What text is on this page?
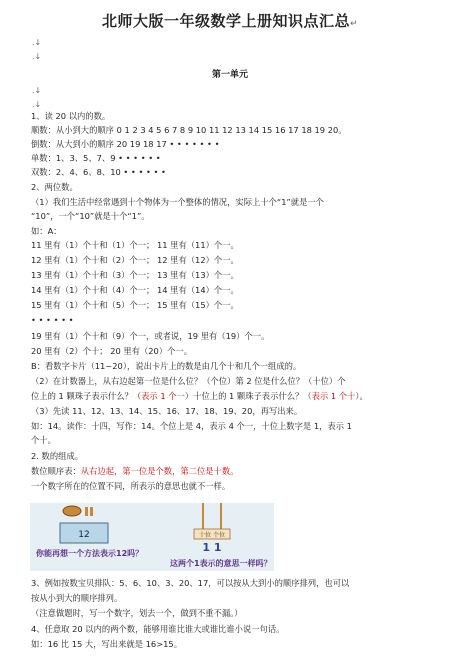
北师大版一年级数学上册知识点汇总↵
.↓
.↓
第一单元
.↓
.↓
1、读 20 以内的数。
顺数：从小到大的顺序 0 1 2 3 4 5 6 7 8 9 10 11 12 13 14 15 16 17 18 19 20。
倒数：从大到小的顺序 20 19 18 17 • • • • • • •
单数：1、3、5、7、9 • • • • • •
双数：2、4、6、8、10 • • • • • •
2、两位数。
（1）我们生活中经常遇到十个物体为一个整体的情况，实际上十个“1”就是一个
“10”，一个“10”就是十个“1”。
如：A：
11 里有（1）个十和（1）个一； 11 里有（11）个一。
12 里有（1）个十和（2）个一； 12 里有（12）个一。
13 里有（1）个十和（3）个一； 13 里有（13）个一。
14 里有（1）个十和（4）个一； 14 里有（14）个一。
15 里有（1）个十和（5）个一； 15 里有（15）个一。
• • • • • •
19 里有（1）个十和（9）个一，或者说，19 里有（19）个一。
20 里有（2）个十； 20 里有（20）个一。
B：看数字卡片（11~20），说出卡片上的数是由几个十和几个一组成的。
（2）在计数器上，从右边起第一位是什么位？（个位）第 2 位是什么位？（十位）个
位上的 1 颗珠子表示什么？（表示 1 个一）十位上的 1 颗珠子表示什么？（表示 1 个十）。
（3）先读 11、12、13、14、15、16、17、18、19、20，再写出来。
如：14。读作：十四，写作：14。个位上是 4，表示 4 个一，十位上数字是 1，表示 1
个十。
2. 数的组成。
数位顺序表：从右边起，第一位是个数，第二位是十数。
一个数字所在的位置不同，所表示的意思也就不一样。
12
你能再想一个方法表示12吗？
十位 个位
1 1
这两个1表示的意思一样吗？
3、例如按数宝贝排队：5、6、10、3、20、17，可以按从大到小的顺序排列，也可以
按从小到大的顺序排列。
（注意做题时，写一个数字，划去一个，做到不重不漏。）
4、任意取 20 以内的两个数，能够用谁比谁大或谁比谁小说一句话。
如：16 比 15 大，写出来就是 16>15。
